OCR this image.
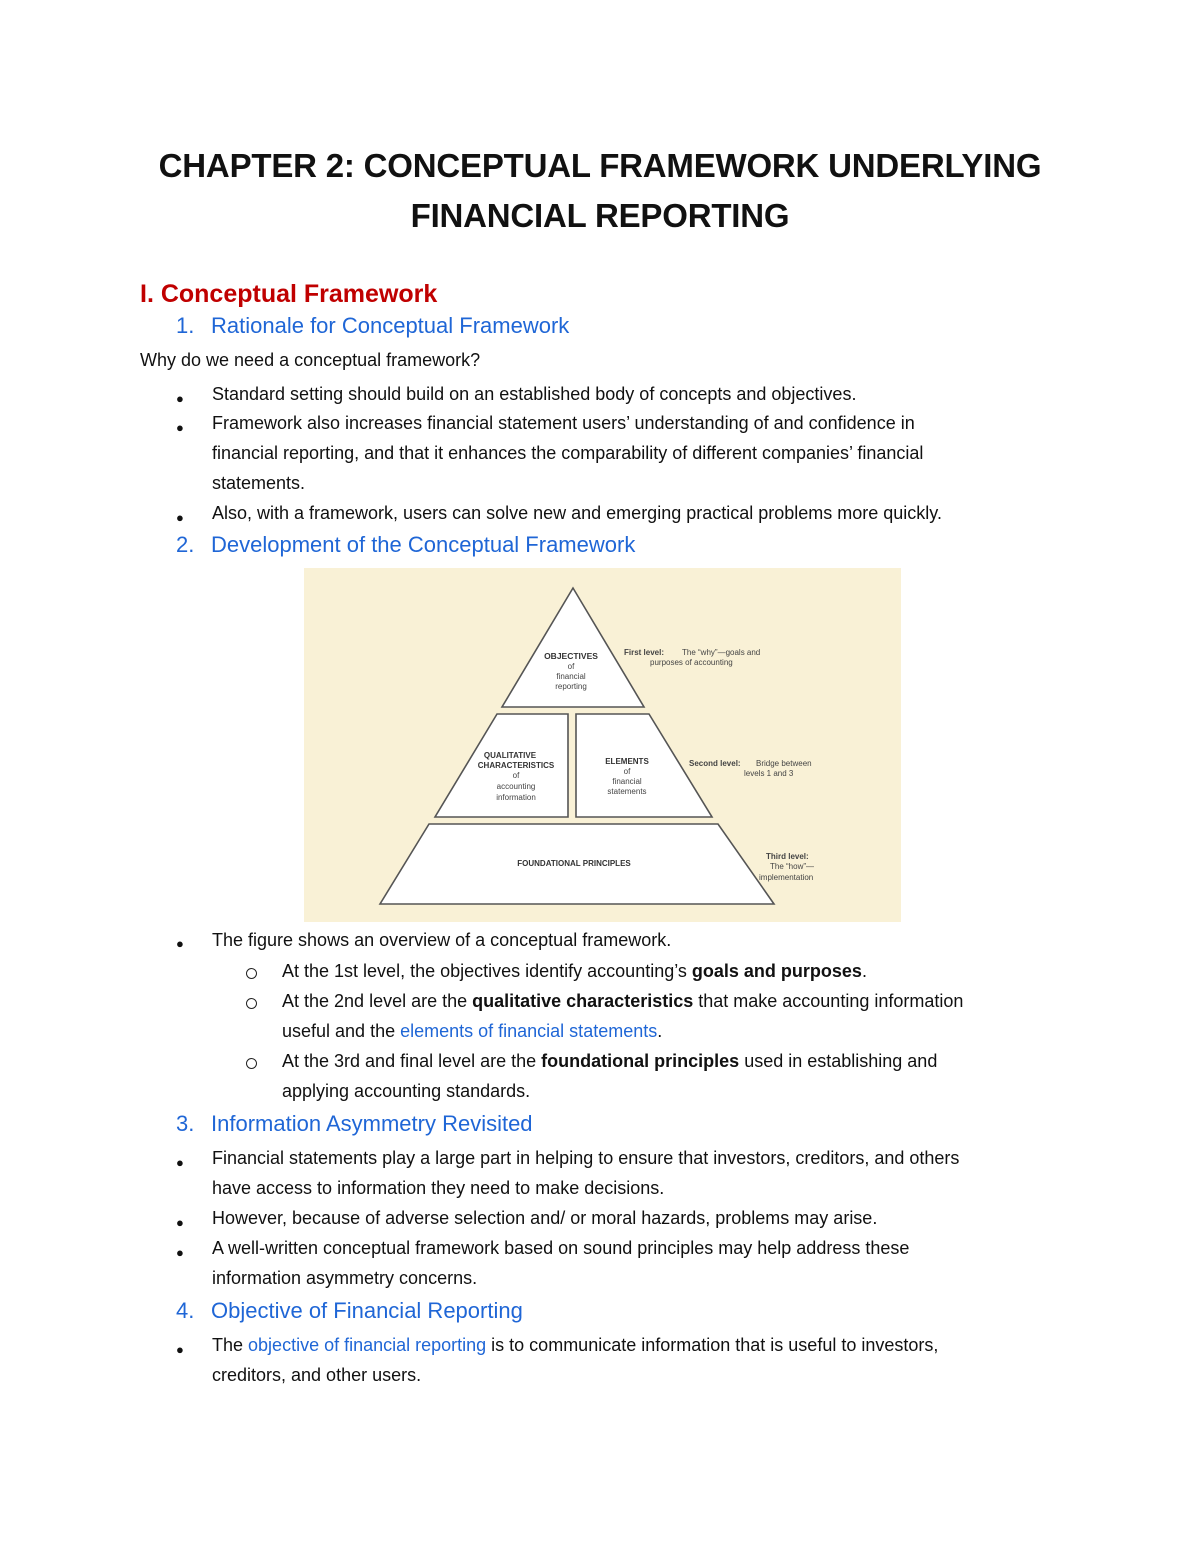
CHAPTER 2: CONCEPTUAL FRAMEWORK UNDERLYING
FINANCIAL REPORTING
I. Conceptual Framework
1. Rationale for Conceptual Framework
Why do we need a conceptual framework?
● Standard setting should build on an established body of concepts and objectives.
● Framework also increases financial statement users’ understanding of and confidence in
financial reporting, and that it enhances the comparability of different companies’ financial
statements.
● Also, with a framework, users can solve new and emerging practical problems more quickly.
2. Development of the Conceptual Framework
OBJECTIVES
of
financial
reporting
First level: The “why”—goals and
purposes of accounting
QUALITATIVE
CHARACTERISTICS
of
accounting
information
ELEMENTS
of
financial
statements
Second level: Bridge between
levels 1 and 3
FOUNDATIONAL PRINCIPLES
Third level:
The “how”—
implementation
● The figure shows an overview of a conceptual framework.
At the 1st level, the objectives identify accounting’s goals and purposes.
At the 2nd level are the qualitative characteristics that make accounting information
useful and the elements of financial statements.
At the 3rd and final level are the foundational principles used in establishing and
applying accounting standards.
3. Information Asymmetry Revisited
● Financial statements play a large part in helping to ensure that investors, creditors, and others
have access to information they need to make decisions.
● However, because of adverse selection and/ or moral hazards, problems may arise.
● A well-written conceptual framework based on sound principles may help address these
information asymmetry concerns.
4. Objective of Financial Reporting
● The objective of financial reporting is to communicate information that is useful to investors,
creditors, and other users.
